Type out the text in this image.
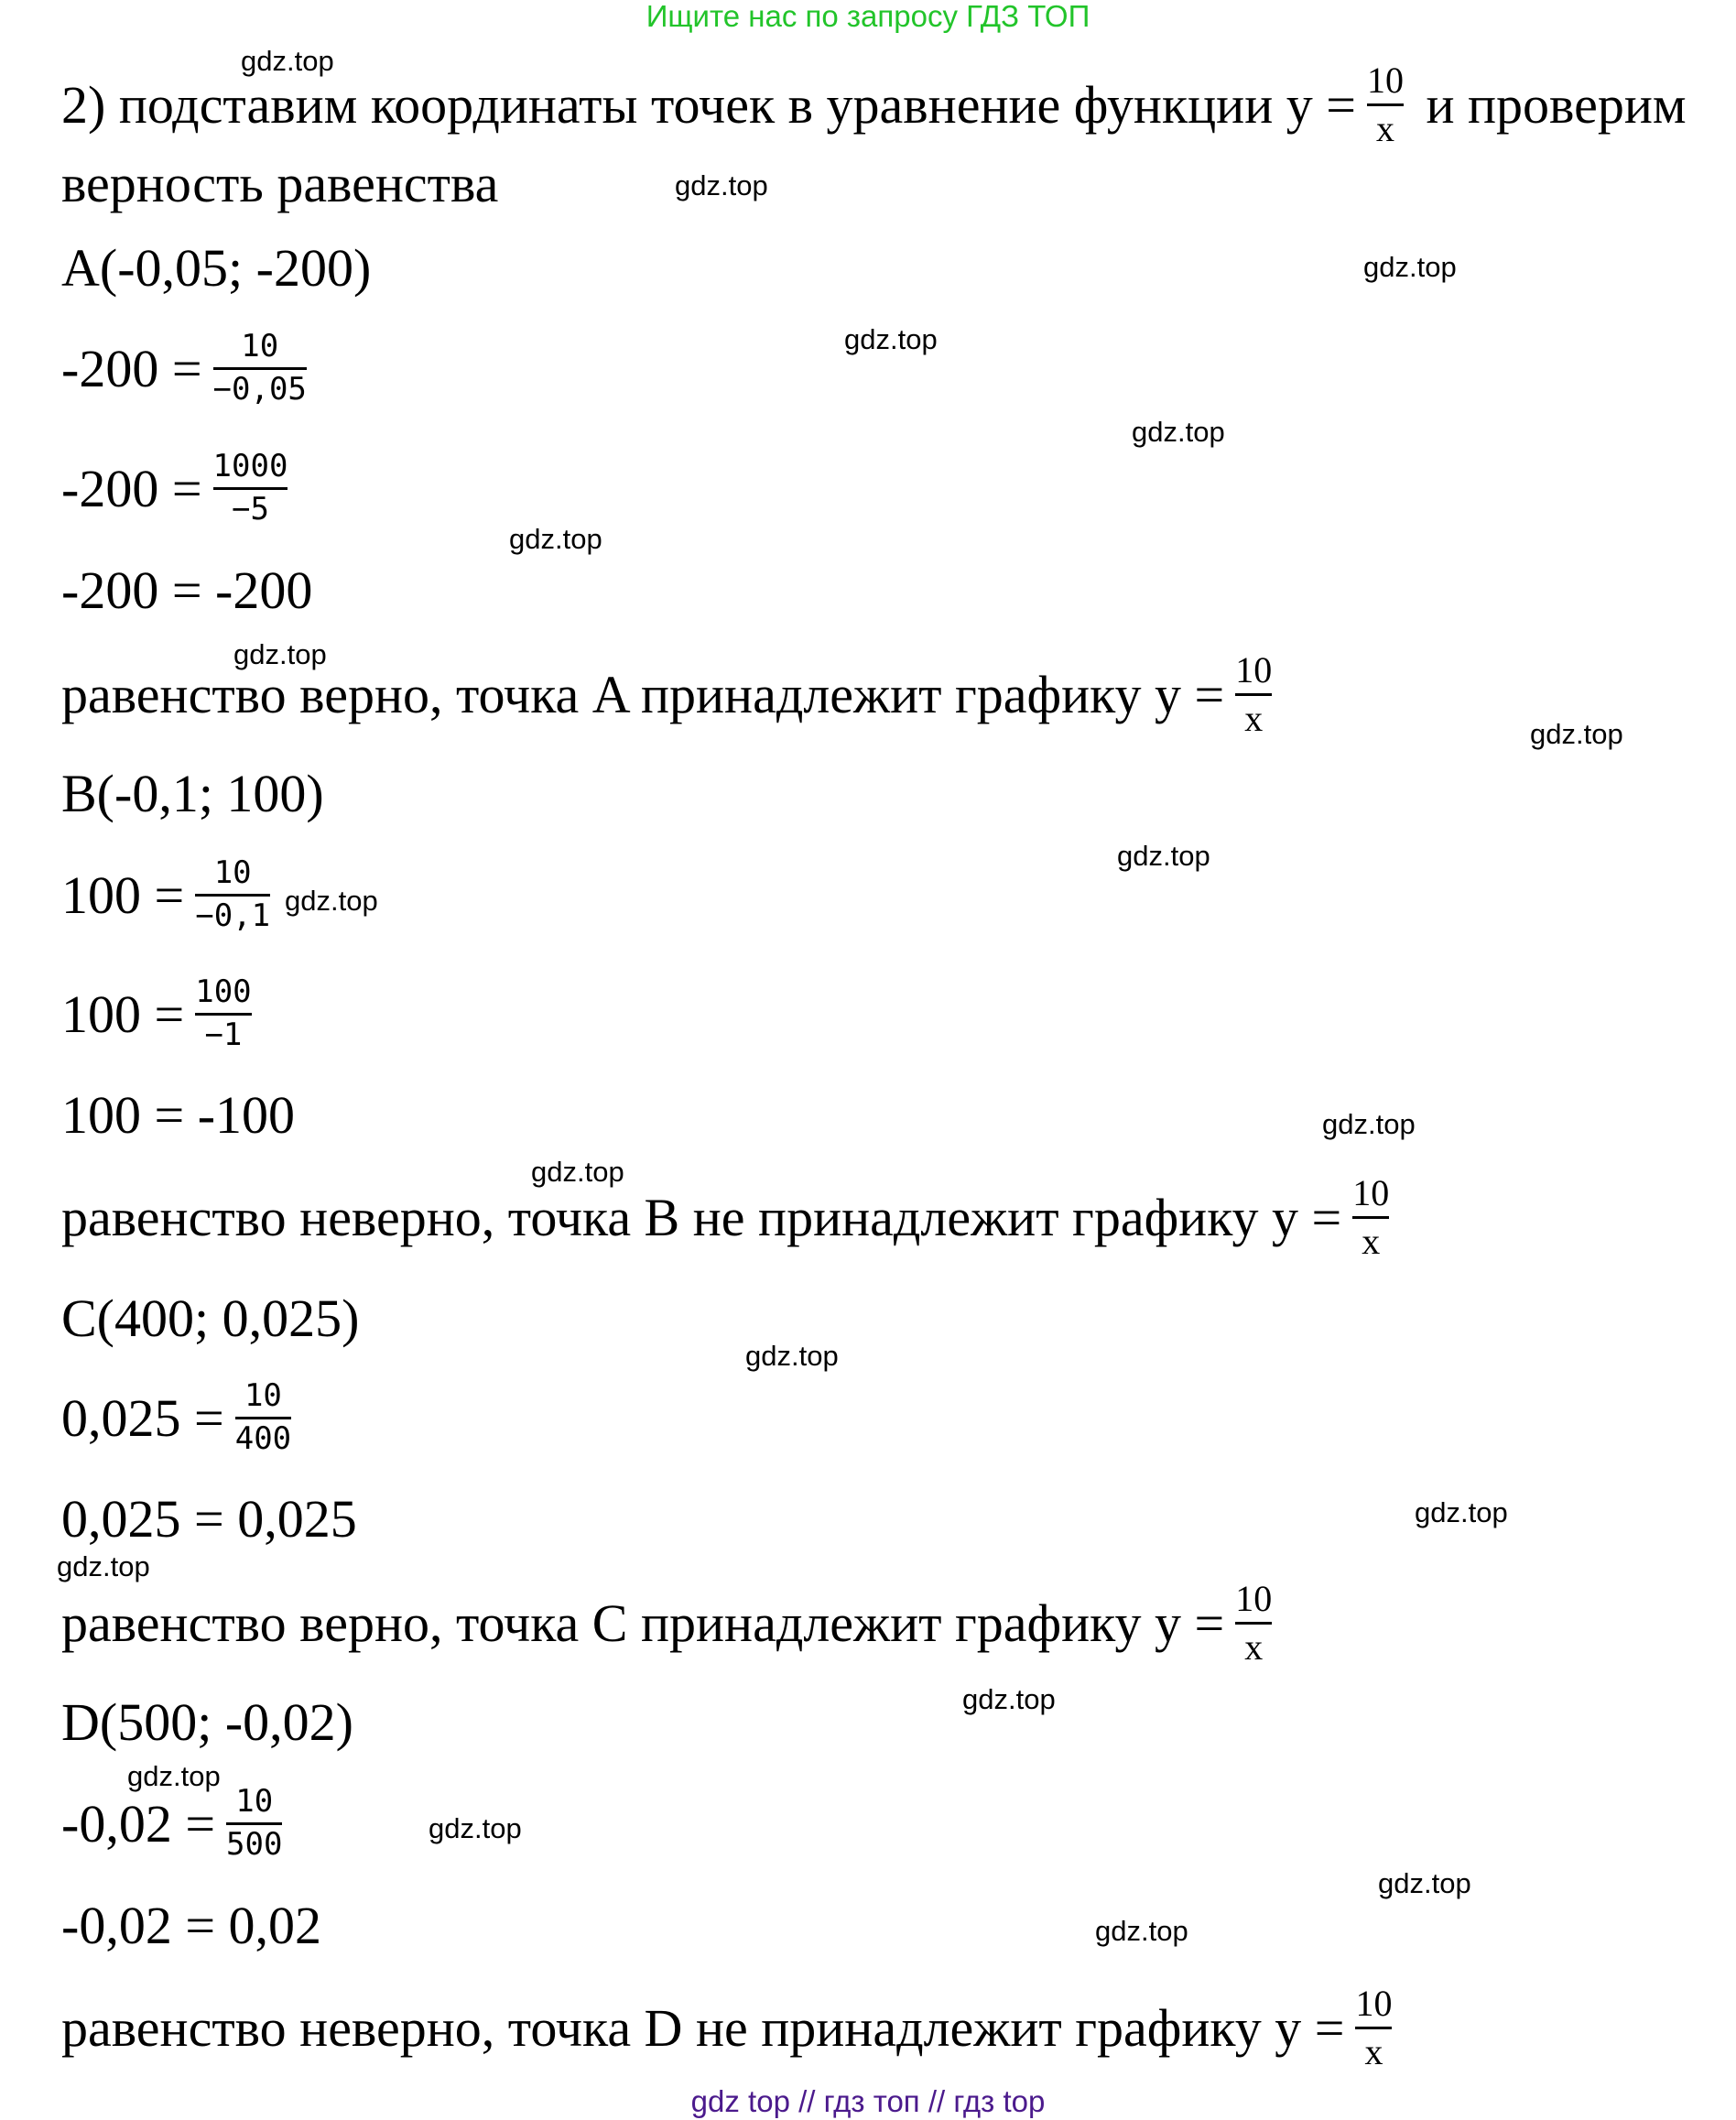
Ищите нас по запросу ГДЗ ТОП
2) подставим координаты точек в уравнение функции $y = \frac{10}{x}$ и проверим
верность равенства
A(-0,05; -200)
$-200 = \frac{10}{-0,05}$
$-200 = \frac{1000}{-5}$
-200 = -200
равенство верно, точка A принадлежит графику $y = \frac{10}{x}$
B(-0,1; 100)
$100 = \frac{10}{-0,1}$
$100 = \frac{100}{-1}$
100 = -100
равенство неверно, точка B не принадлежит графику $y = \frac{10}{x}$
C(400; 0,025)
$0,025 = \frac{10}{400}$
0,025 = 0,025
равенство верно, точка C принадлежит графику $y = \frac{10}{x}$
D(500; -0,02)
$-0,02 = \frac{10}{500}$
-0,02 = 0,02
равенство неверно, точка D не принадлежит графику $y = \frac{10}{x}$
gdz.top
gdz.top
gdz.top
gdz.top
gdz.top
gdz.top
gdz.top
gdz.top
gdz.top
gdz.top
gdz.top
gdz.top
gdz.top
gdz.top
gdz.top
gdz.top
gdz.top
gdz.top
gdz.top
gdz.top
gdz top // гдз топ // гдз top
